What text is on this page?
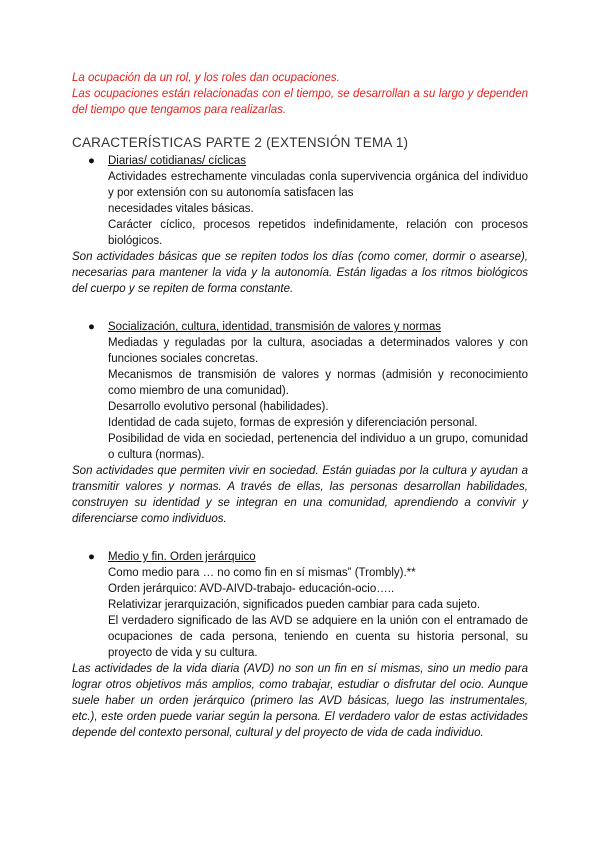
La ocupación da un rol, y los roles dan ocupaciones.

Las ocupaciones están relacionadas con el tiempo, se desarrollan a su largo y dependen del tiempo que tengamos para realizarlas.

CARACTERÍSTICAS PARTE 2 (EXTENSIÓN TEMA 1)
● Diarias/ cotidianas/ cíclicas

Actividades estrechamente vinculadas conla supervivencia orgánica del individuo y por extensión con su autonomía satisfacen las

necesidades vitales básicas.

Carácter cíclico, procesos repetidos indefinidamente, relación con procesos biológicos.

Son actividades básicas que se repiten todos los días (como comer, dormir o asearse), necesarias para mantener la vida y la autonomía. Están ligadas a los ritmos biológicos del cuerpo y se repiten de forma constante.

● Socialización, cultura, identidad, transmisión de valores y normas

Mediadas y reguladas por la cultura, asociadas a determinados valores y con funciones sociales concretas.

Mecanismos de transmisión de valores y normas (admisión y reconocimiento como miembro de una comunidad).

Desarrollo evolutivo personal (habilidades).

Identidad de cada sujeto, formas de expresión y diferenciación personal.

Posibilidad de vida en sociedad, pertenencia del individuo a un grupo, comunidad o cultura (normas).

Son actividades que permiten vivir en sociedad. Están guiadas por la cultura y ayudan a transmitir valores y normas. A través de ellas, las personas desarrollan habilidades, construyen su identidad y se integran en una comunidad, aprendiendo a convivir y diferenciarse como individuos.

● Medio y fin. Orden jerárquico

Como medio para … no como fin en sí mismas” (Trombly).**

Orden jerárquico: AVD-AIVD-trabajo- educación-ocio…..

Relativizar jerarquización, significados pueden cambiar para cada sujeto.

El verdadero significado de las AVD se adquiere en la unión con el entramado de ocupaciones de cada persona, teniendo en cuenta su historia personal, su proyecto de vida y su cultura.

Las actividades de la vida diaria (AVD) no son un fin en sí mismas, sino un medio para lograr otros objetivos más amplios, como trabajar, estudiar o disfrutar del ocio. Aunque suele haber un orden jerárquico (primero las AVD básicas, luego las instrumentales, etc.), este orden puede variar según la persona. El verdadero valor de estas actividades depende del contexto personal, cultural y del proyecto de vida de cada individuo.
